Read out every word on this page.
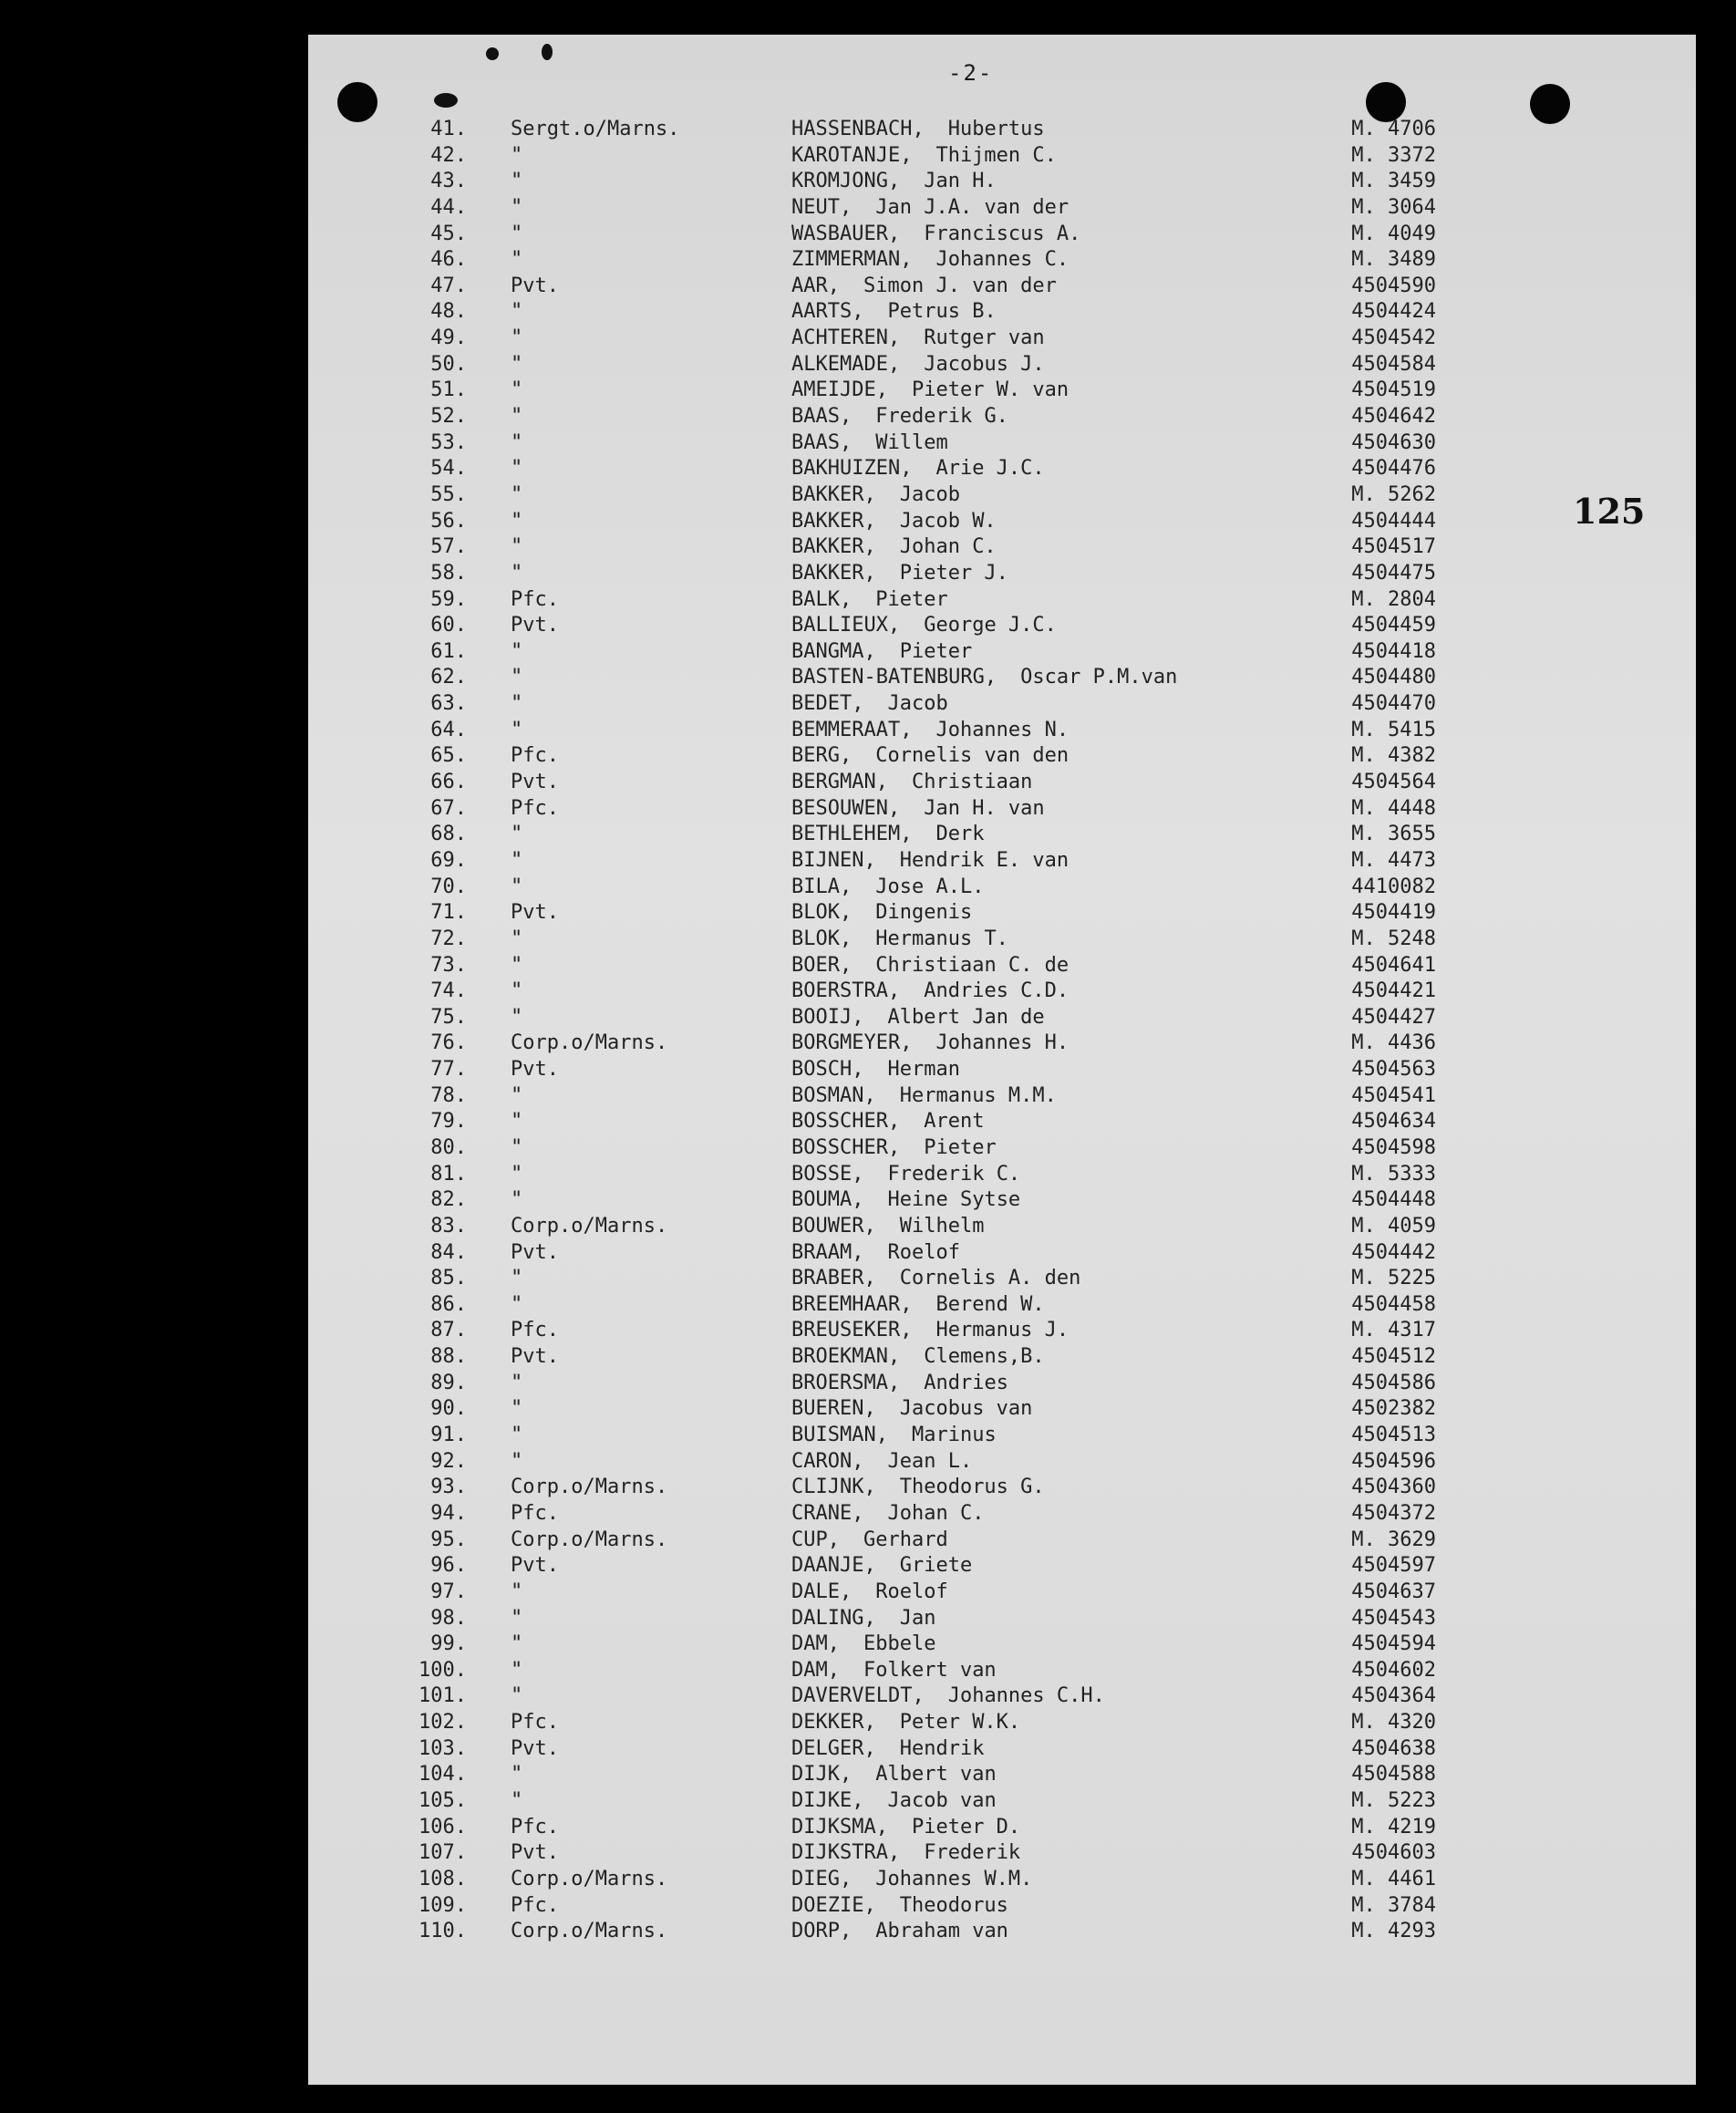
-2-
125
41. Sergt.o/Marns.	HASSENBACH, Hubertus	M. 4706
42. "	KAROTANJE, Thijmen C.	M. 3372
43. "	KROMJONG, Jan H.	M. 3459
44. "	NEUT, Jan J.A. van der	M. 3064
45. "	WASBAUER, Franciscus A.	M. 4049
46. "	ZIMMERMAN, Johannes C.	M. 3489
47. Pvt.	AAR, Simon J. van der	4504590
48. "	AARTS, Petrus B.	4504424
49. "	ACHTEREN, Rutger van	4504542
50. "	ALKEMADE, Jacobus J.	4504584
51. "	AMEIJDE, Pieter W. van	4504519
52. "	BAAS, Frederik G.	4504642
53. "	BAAS, Willem	4504630
54. "	BAKHUIZEN, Arie J.C.	4504476
55. "	BAKKER, Jacob	M. 5262
56. "	BAKKER, Jacob W.	4504444
57. "	BAKKER, Johan C.	4504517
58. "	BAKKER, Pieter J.	4504475
59. Pfc.	BALK, Pieter	M. 2804
60. Pvt.	BALLIEUX, George J.C.	4504459
61. "	BANGMA, Pieter	4504418
62. "	BASTEN-BATENBURG, Oscar P.M.van	4504480
63. "	BEDET, Jacob	4504470
64. "	BEMMERAAT, Johannes N.	M. 5415
65. Pfc.	BERG, Cornelis van den	M. 4382
66. Pvt.	BERGMAN, Christiaan	4504564
67. Pfc.	BESOUWEN, Jan H. van	M. 4448
68. "	BETHLEHEM, Derk	M. 3655
69. "	BIJNEN, Hendrik E. van	M. 4473
70. "	BILA, Jose A.L.	4410082
71. Pvt.	BLOK, Dingenis	4504419
72. "	BLOK, Hermanus T.	M. 5248
73. "	BOER, Christiaan C. de	4504641
74. "	BOERSTRA, Andries C.D.	4504421
75. "	BOOIJ, Albert Jan de	4504427
76. Corp.o/Marns.	BORGMEYER, Johannes H.	M. 4436
77. Pvt.	BOSCH, Herman	4504563
78. "	BOSMAN, Hermanus M.M.	4504541
79. "	BOSSCHER, Arent	4504634
80. "	BOSSCHER, Pieter	4504598
81. "	BOSSE, Frederik C.	M. 5333
82. "	BOUMA, Heine Sytse	4504448
83. Corp.o/Marns.	BOUWER, Wilhelm	M. 4059
84. Pvt.	BRAAM, Roelof	4504442
85. "	BRABER, Cornelis A. den	M. 5225
86. "	BREEMHAAR, Berend W.	4504458
87. Pfc.	BREUSEKER, Hermanus J.	M. 4317
88. Pvt.	BROEKMAN, Clemens,B.	4504512
89. "	BROERSMA, Andries	4504586
90. "	BUEREN, Jacobus van	4502382
91. "	BUISMAN, Marinus	4504513
92. "	CARON, Jean L.	4504596
93. Corp.o/Marns.	CLIJNK, Theodorus G.	4504360
94. Pfc.	CRANE, Johan C.	4504372
95. Corp.o/Marns.	CUP, Gerhard	M. 3629
96. Pvt.	DAANJE, Griete	4504597
97. "	DALE, Roelof	4504637
98. "	DALING, Jan	4504543
99. "	DAM, Ebbele	4504594
100. "	DAM, Folkert van	4504602
101. "	DAVERVELDT, Johannes C.H.	4504364
102. Pfc.	DEKKER, Peter W.K.	M. 4320
103. Pvt.	DELGER, Hendrik	4504638
104. "	DIJK, Albert van	4504588
105. "	DIJKE, Jacob van	M. 5223
106. Pfc.	DIJKSMA, Pieter D.	M. 4219
107. Pvt.	DIJKSTRA, Frederik	4504603
108. Corp.o/Marns.	DIEG, Johannes W.M.	M. 4461
109. Pfc.	DOEZIE, Theodorus	M. 3784
110. Corp.o/Marns.	DORP, Abraham van	M. 4293
